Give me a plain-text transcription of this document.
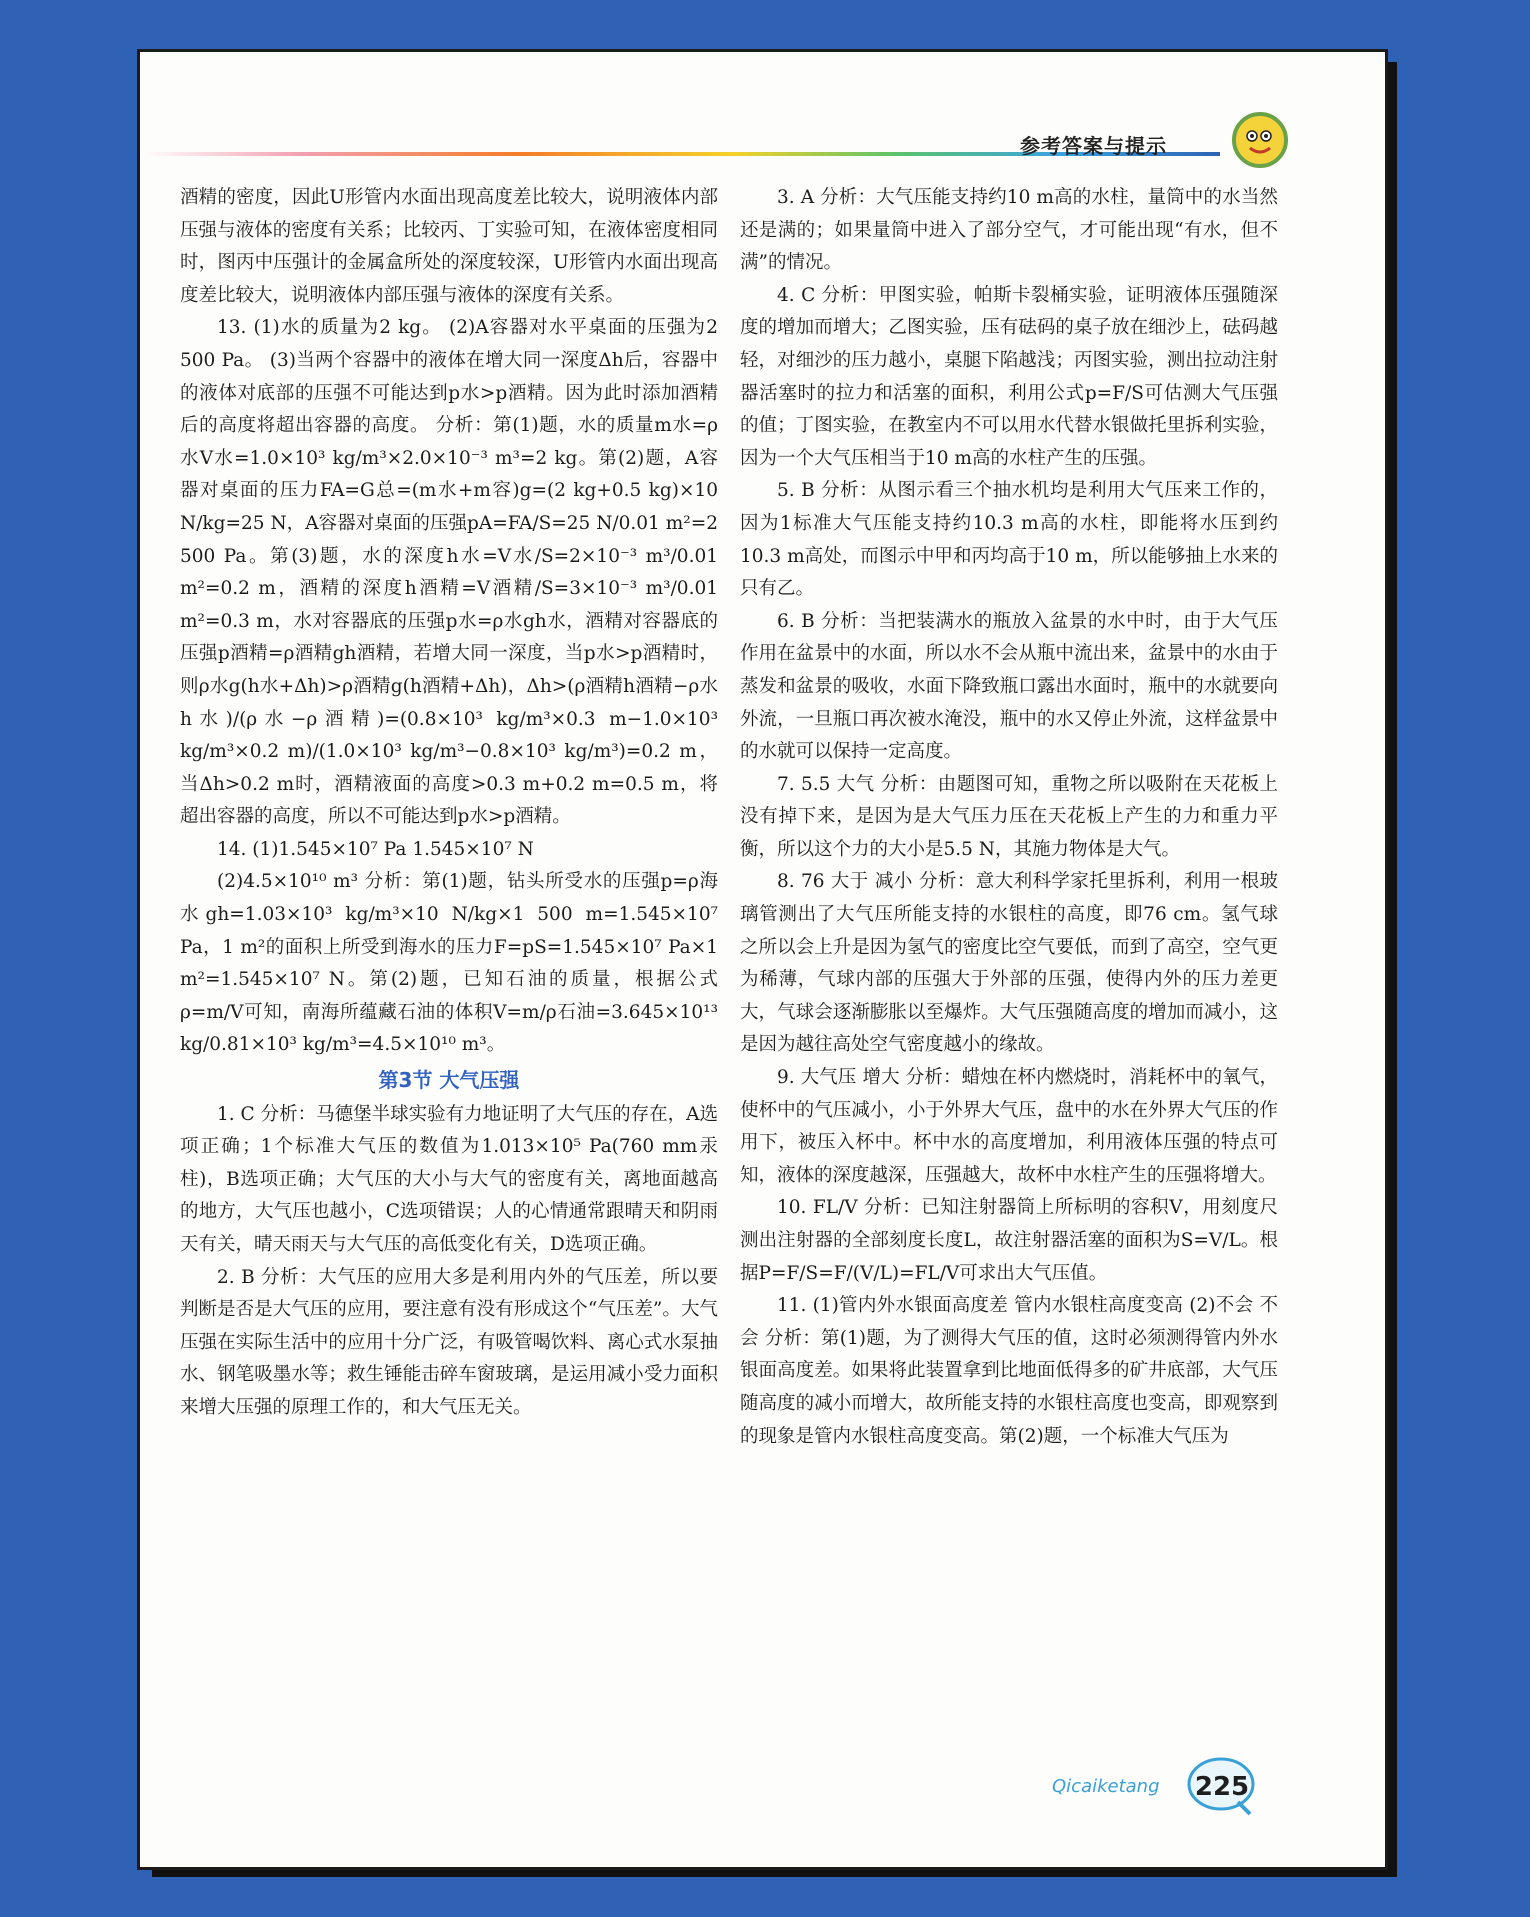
参考答案与提示

酒精的密度，因此U形管内水面出现高度差比较大，说明液体内部压强与液体的密度有关系；比较丙、丁实验可知，在液体密度相同时，图丙中压强计的金属盒所处的深度较深，U形管内水面出现高度差比较大，说明液体内部压强与液体的深度有关系。

13. (1)水的质量为2 kg。 (2)A容器对水平桌面的压强为2 500 Pa。 (3)当两个容器中的液体在增大同一深度Δh后，容器中的液体对底部的压强不可能达到p水>p酒精。因为此时添加酒精后的高度将超出容器的高度。 分析：第(1)题，水的质量m水=ρ水V水=1.0×10³ kg/m³×2.0×10⁻³ m³=2 kg。第(2)题，A容器对桌面的压力FA=G总=(m水+m容)g=(2 kg+0.5 kg)×10 N/kg=25 N，A容器对桌面的压强pA=FA/S=25 N/0.01 m²=2 500 Pa。第(3)题，水的深度h水=V水/S=2×10⁻³ m³/0.01 m²=0.2 m，酒精的深度h酒精=V酒精/S=3×10⁻³ m³/0.01 m²=0.3 m，水对容器底的压强p水=ρ水gh水，酒精对容器底的压强p酒精=ρ酒精gh酒精，若增大同一深度，当p水>p酒精时，则ρ水g(h水+Δh)>ρ酒精g(h酒精+Δh)，Δh>(ρ酒精h酒精−ρ水h水)/(ρ水−ρ酒精)=(0.8×10³ kg/m³×0.3 m−1.0×10³ kg/m³×0.2 m)/(1.0×10³ kg/m³−0.8×10³ kg/m³)=0.2 m，当Δh>0.2 m时，酒精液面的高度>0.3 m+0.2 m=0.5 m，将超出容器的高度，所以不可能达到p水>p酒精。

14. (1)1.545×10⁷ Pa 1.545×10⁷ N

(2)4.5×10¹⁰ m³ 分析：第(1)题，钻头所受水的压强p=ρ海水gh=1.03×10³ kg/m³×10 N/kg×1 500 m=1.545×10⁷ Pa，1 m²的面积上所受到海水的压力F=pS=1.545×10⁷ Pa×1 m²=1.545×10⁷ N。第(2)题，已知石油的质量，根据公式ρ=m/V可知，南海所蕴藏石油的体积V=m/ρ石油=3.645×10¹³ kg/0.81×10³ kg/m³=4.5×10¹⁰ m³。

第3节 大气压强

1. C 分析：马德堡半球实验有力地证明了大气压的存在，A选项正确；1个标准大气压的数值为1.013×10⁵ Pa(760 mm汞柱)，B选项正确；大气压的大小与大气的密度有关，离地面越高的地方，大气压也越小，C选项错误；人的心情通常跟晴天和阴雨天有关，晴天雨天与大气压的高低变化有关，D选项正确。

2. B 分析：大气压的应用大多是利用内外的气压差，所以要判断是否是大气压的应用，要注意有没有形成这个“气压差”。大气压强在实际生活中的应用十分广泛，有吸管喝饮料、离心式水泵抽水、钢笔吸墨水等；救生锤能击碎车窗玻璃，是运用减小受力面积来增大压强的原理工作的，和大气压无关。

3. A 分析：大气压能支持约10 m高的水柱，量筒中的水当然还是满的；如果量筒中进入了部分空气，才可能出现“有水，但不满”的情况。

4. C 分析：甲图实验，帕斯卡裂桶实验，证明液体压强随深度的增加而增大；乙图实验，压有砝码的桌子放在细沙上，砝码越轻，对细沙的压力越小，桌腿下陷越浅；丙图实验，测出拉动注射器活塞时的拉力和活塞的面积，利用公式p=F/S可估测大气压强的值；丁图实验，在教室内不可以用水代替水银做托里拆利实验，因为一个大气压相当于10 m高的水柱产生的压强。

5. B 分析：从图示看三个抽水机均是利用大气压来工作的，因为1标准大气压能支持约10.3 m高的水柱，即能将水压到约10.3 m高处，而图示中甲和丙均高于10 m，所以能够抽上水来的只有乙。

6. B 分析：当把装满水的瓶放入盆景的水中时，由于大气压作用在盆景中的水面，所以水不会从瓶中流出来，盆景中的水由于蒸发和盆景的吸收，水面下降致瓶口露出水面时，瓶中的水就要向外流，一旦瓶口再次被水淹没，瓶中的水又停止外流，这样盆景中的水就可以保持一定高度。

7. 5.5 大气 分析：由题图可知，重物之所以吸附在天花板上没有掉下来，是因为是大气压力压在天花板上产生的力和重力平衡，所以这个力的大小是5.5 N，其施力物体是大气。

8. 76 大于 减小 分析：意大利科学家托里拆利，利用一根玻璃管测出了大气压所能支持的水银柱的高度，即76 cm。氢气球之所以会上升是因为氢气的密度比空气要低，而到了高空，空气更为稀薄，气球内部的压强大于外部的压强，使得内外的压力差更大，气球会逐渐膨胀以至爆炸。大气压强随高度的增加而减小，这是因为越往高处空气密度越小的缘故。

9. 大气压 增大 分析：蜡烛在杯内燃烧时，消耗杯中的氧气，使杯中的气压减小，小于外界大气压，盘中的水在外界大气压的作用下，被压入杯中。杯中水的高度增加，利用液体压强的特点可知，液体的深度越深，压强越大，故杯中水柱产生的压强将增大。

10. FL/V 分析：已知注射器筒上所标明的容积V，用刻度尺测出注射器的全部刻度长度L，故注射器活塞的面积为S=V/L。根据P=F/S=F/(V/L)=FL/V可求出大气压值。

11. (1)管内外水银面高度差 管内水银柱高度变高 (2)不会 不会 分析：第(1)题，为了测得大气压的值，这时必须测得管内外水银面高度差。如果将此装置拿到比地面低得多的矿井底部，大气压随高度的减小而增大，故所能支持的水银柱高度也变高，即观察到的现象是管内水银柱高度变高。第(2)题，一个标准大气压为

Qicaiketang 225
